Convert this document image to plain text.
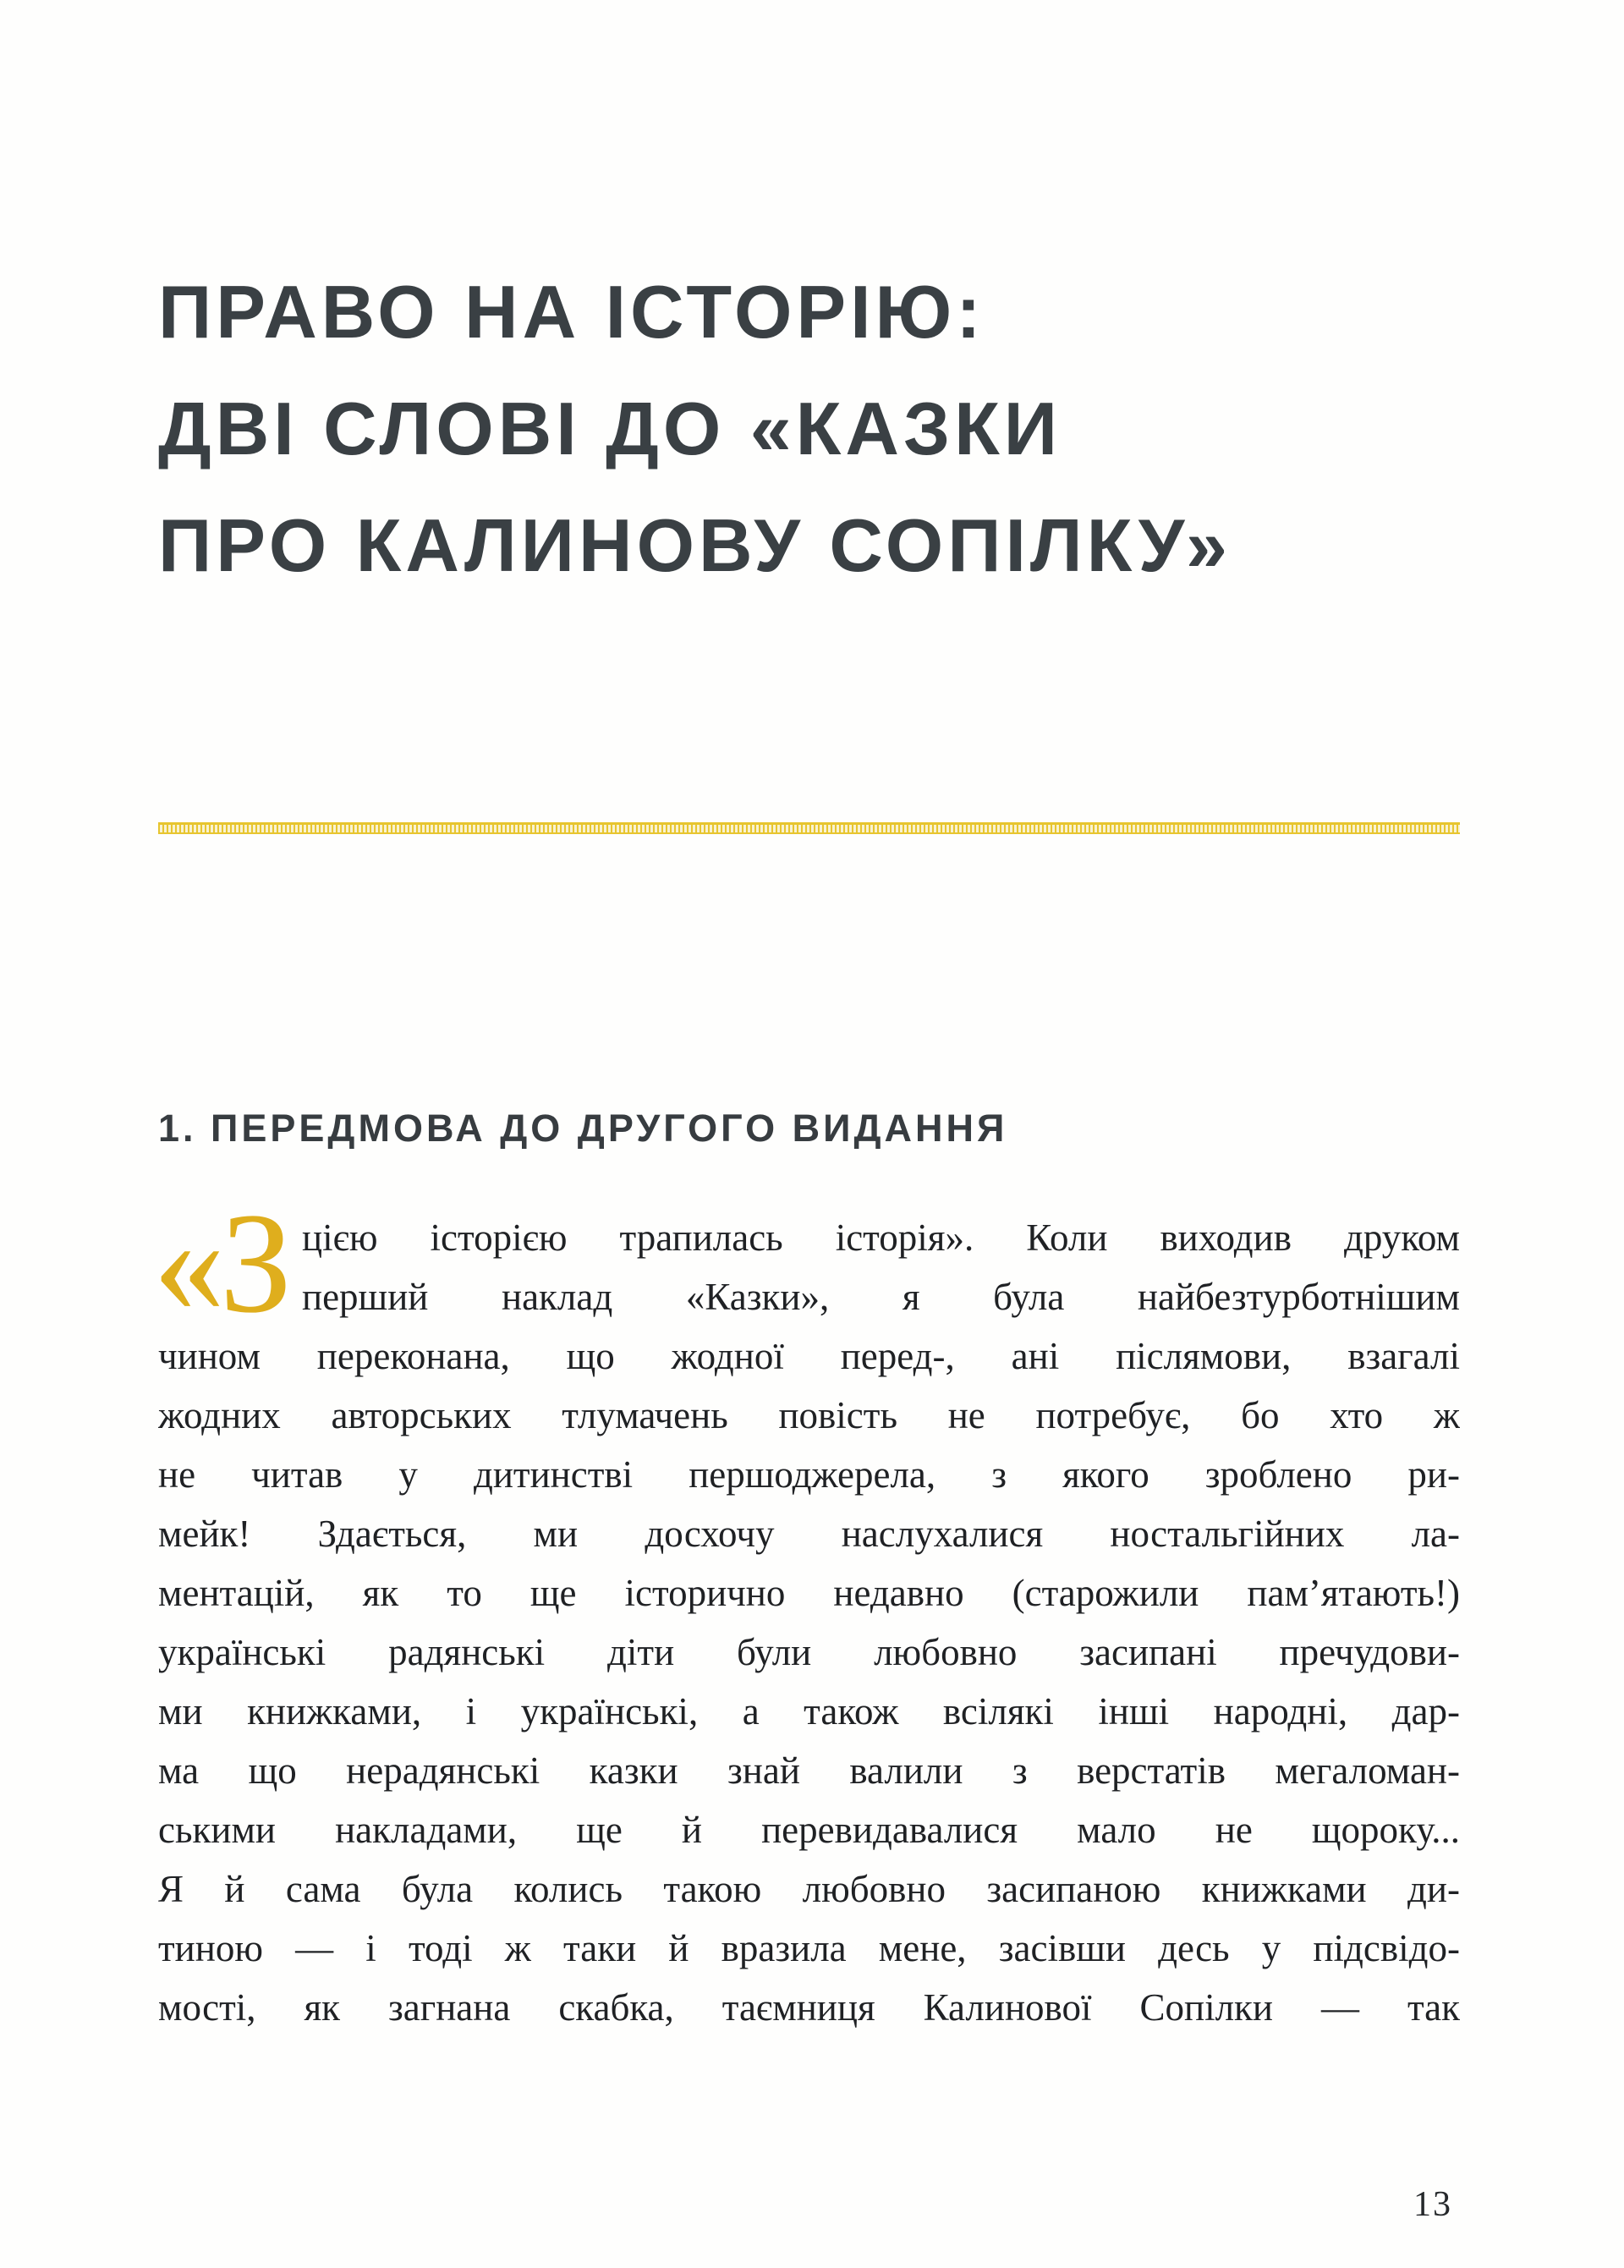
ПРАВО НА ІСТОРІЮ:
ДВІ СЛОВІ ДО «КАЗКИ
ПРО КАЛИНОВУ СОПІЛКУ»
1. ПЕРЕДМОВА ДО ДРУГОГО ВИДАННЯ
«З цією історією трапилась історія». Коли виходив друком
перший наклад «Казки», я була найбезтурботнішим
чином переконана, що жодної перед-, ані післямови, взагалі
жодних авторських тлумачень повість не потребує, бо хто ж
не читав у дитинстві першоджерела, з якого зроблено ри-
мейк! Здається, ми досхочу наслухалися ностальгійних ла-
ментацій, як то ще історично недавно (старожили пам’ятають!)
українські радянські діти були любовно засипані пречудови-
ми книжками, і українські, а також всілякі інші народні, дар-
ма що нерадянські казки знай валили з верстатів мегаломан-
ськими накладами, ще й перевидавалися мало не щороку...
Я й сама була колись такою любовно засипаною книжками ди-
тиною — і тоді ж таки й вразила мене, засівши десь у підсвідо-
мості, як загнана скабка, таємниця Калинової Сопілки — так
13
